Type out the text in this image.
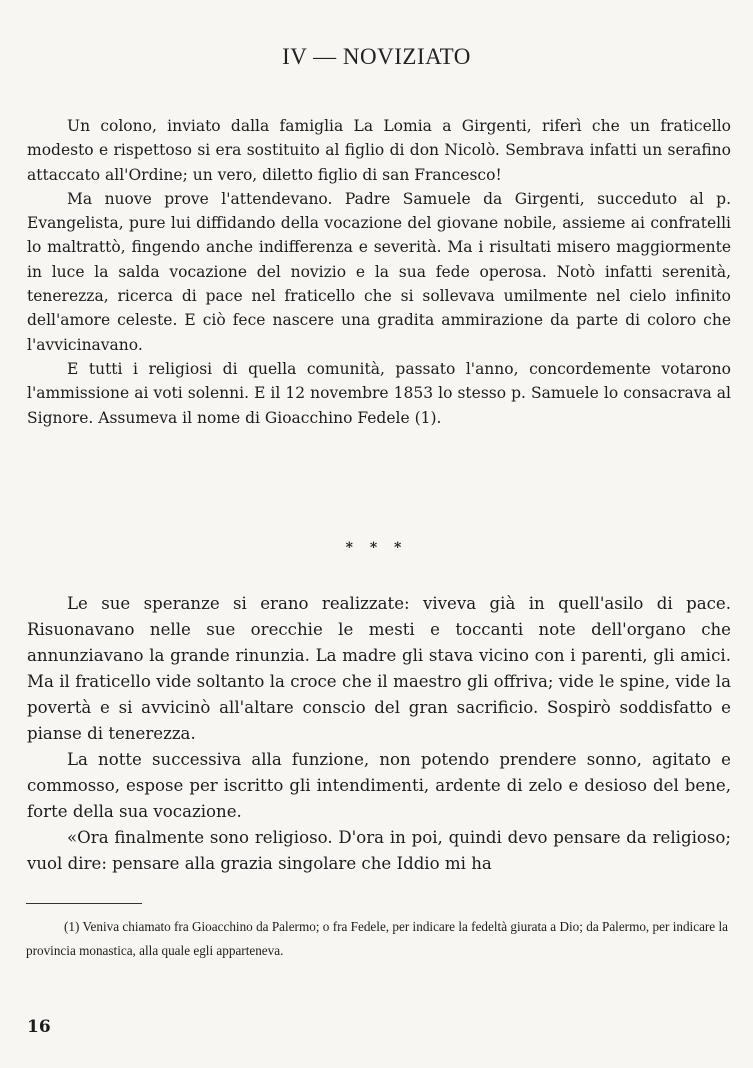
IV — NOVIZIATO

Un colono, inviato dalla famiglia La Lomia a Girgenti, riferì che un fraticello modesto e rispettoso si era sostituito al figlio di don Nicolò. Sembrava infatti un serafino attaccato all'Ordine; un vero, diletto figlio di san Francesco!

Ma nuove prove l'attendevano. Padre Samuele da Girgenti, succeduto al p. Evangelista, pure lui diffidando della vocazione del giovane nobile, assieme ai confratelli lo maltrattò, fingendo anche indifferenza e severità. Ma i risultati misero maggiormente in luce la salda vocazione del novizio e la sua fede operosa. Notò infatti serenità, tenerezza, ricerca di pace nel fraticello che si sollevava umilmente nel cielo infinito dell'amore celeste. E ciò fece nascere una gradita ammirazione da parte di coloro che l'avvicinavano.

E tutti i religiosi di quella comunità, passato l'anno, concordemente votarono l'ammissione ai voti solenni. E il 12 novembre 1853 lo stesso p. Samuele lo consacrava al Signore. Assumeva il nome di Gioacchino Fedele (1).

* * *

Le sue speranze si erano realizzate: viveva già in quell'asilo di pace. Risuonavano nelle sue orecchie le mesti e toccanti note dell'organo che annunziavano la grande rinunzia. La madre gli stava vicino con i parenti, gli amici. Ma il fraticello vide soltanto la croce che il maestro gli offriva; vide le spine, vide la povertà e si avvicinò all'altare conscio del gran sacrificio. Sospirò soddisfatto e pianse di tenerezza.

La notte successiva alla funzione, non potendo prendere sonno, agitato e commosso, espose per iscritto gli intendimenti, ardente di zelo e desioso del bene, forte della sua vocazione.

«Ora finalmente sono religioso. D'ora in poi, quindi devo pensare da religioso; vuol dire: pensare alla grazia singolare che Iddio mi ha

(1) Veniva chiamato fra Gioacchino da Palermo; o fra Fedele, per indicare la fedeltà giurata a Dio; da Palermo, per indicare la provincia monastica, alla quale egli apparteneva.

16
